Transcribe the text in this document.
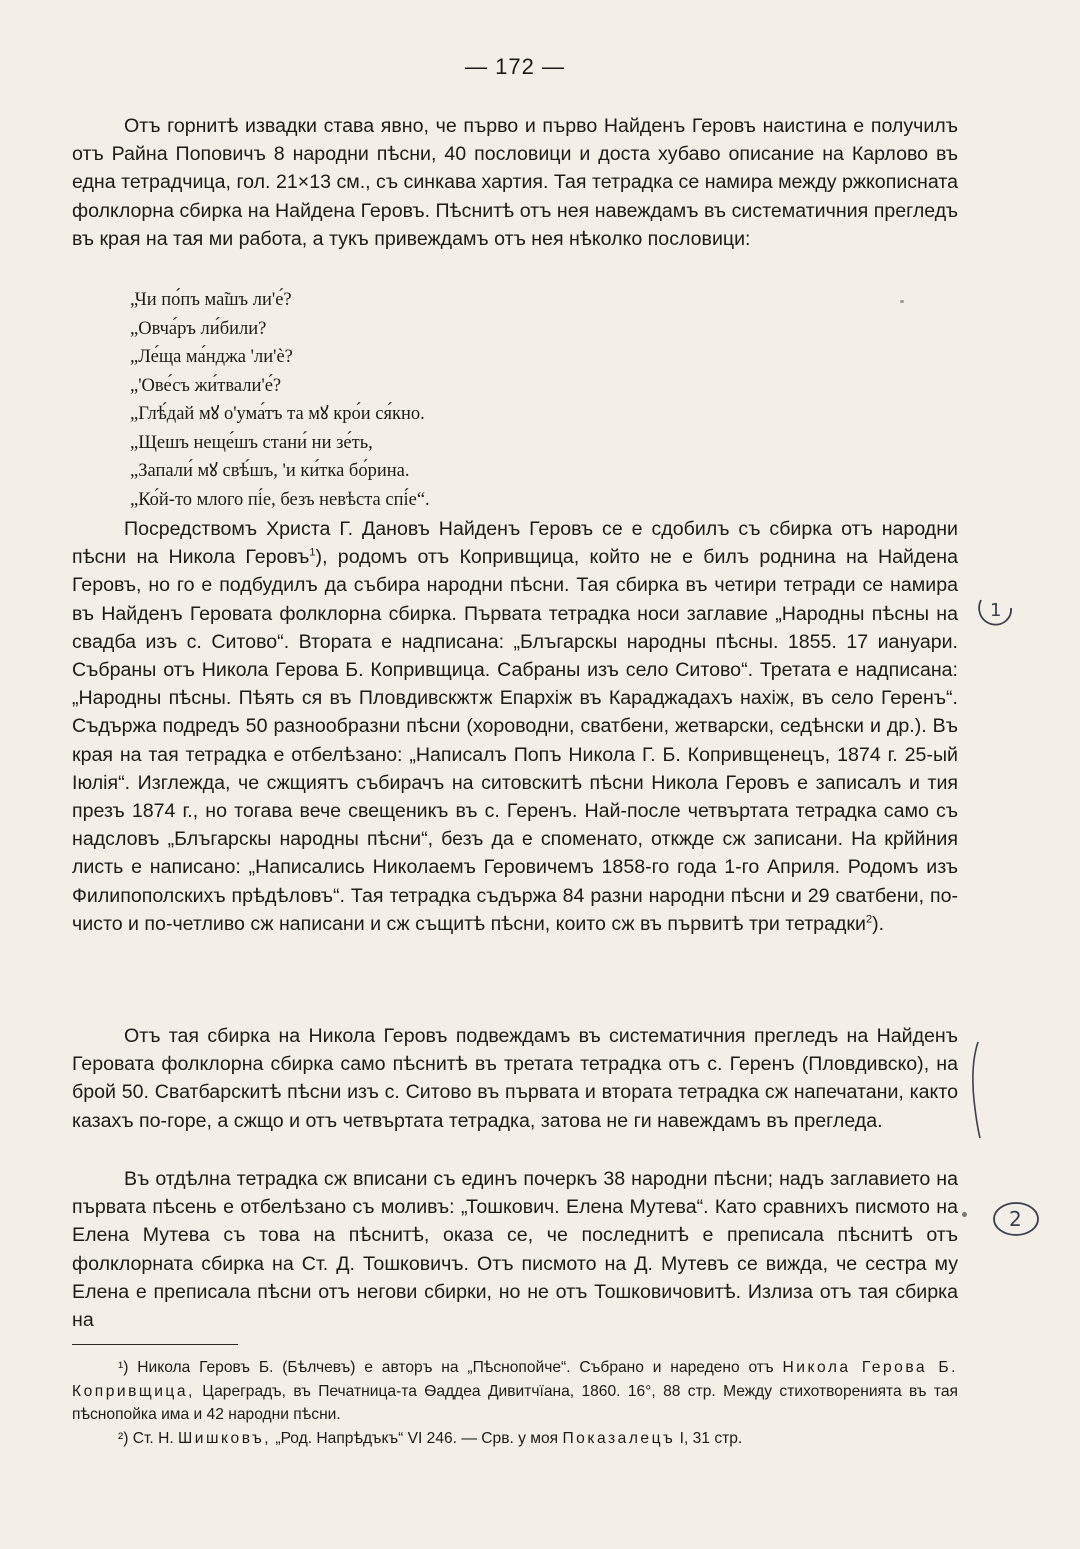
— 172 —

Отъ горнитѣ извадки става явно, че първо и първо Найденъ Геровъ наистина е получилъ отъ Райна Поповичъ 8 народни пѣсни, 40 пословици и доста хубаво описание на Карлово въ една тетрадчица, гол. 21×13 см., съ синкава хартия. Тая тетрадка се намира между ржкописната фолклорна сбирка на Найдена Геровъ. Пѣснитѣ отъ нея навеждамъ въ систематичния прегледъ въ края на тая ми работа, а тукъ привеждамъ отъ нея нѣколко пословици:

„Чи по́пъ ма̃шъ ли'е́?
„Овча́ръ ли́били?
„Ле́ща ма́нджа 'ли'ѐ?
„'Ове́съ жи́твали'е́?
„Глѣ́дай мꙋ о'ума́тъ та мꙋ кро́и ся́кно.
„Щешъ неще́шъ стани́ ни зе́ть,
„Запали́ мꙋ свѣ́шъ, 'и ки́тка бо́рина.
„Ко́й-то млого пі́е, безъ невѣста спі́е“.

Посредствомъ Христа Г. Дановъ Найденъ Геровъ се е сдобилъ съ сбирка отъ народни пѣсни на Никола Геровъ$^1$), родомъ отъ Копривщица, който не е билъ роднина на Найдена Геровъ, но го е подбудилъ да събира народни пѣсни. Тая сбирка въ четири тетради се намира въ Найденъ Геровата фолклорна сбирка. Първата тетрадка носи заглавие „Народны пѣсны на свадба изъ с. Ситово“. Втората е надписана: „Блъгарскы народны пѣсны. 1855. 17 иануари. Събраны отъ Никола Герова Б. Копривщица. Сабраны изъ село Ситово“. Третата е надписана: „Народны пѣсны. Пѣять ся въ Пловдивскжтж Епархіж въ Караджадахъ нахіж, въ село Геренъ“. Съдържа подредъ 50 разнообразни пѣсни (хороводни, сватбени, жетварски, седѣнски и др.). Въ края на тая тетрадка е отбелѣзано: „Написалъ Попъ Никола Г. Б. Копривщенецъ, 1874 г. 25-ый Іюлія“. Изглежда, че сжщиятъ събирачъ на ситовскитѣ пѣсни Никола Геровъ е записалъ и тия презъ 1874 г., но тогава вече свещеникъ въ с. Геренъ. Най-после четвъртата тетрадка само съ надсловъ „Блъгарскы народны пѣсни“, безъ да е споменато, откжде сж записани. На крййния листь е написано: „Написались Николаемъ Геровичемъ 1858-го года 1-го Априля. Родомъ изъ Филипополскихъ прѣдѣловъ“. Тая тетрадка съдържа 84 разни народни пѣсни и 29 сватбени, по-чисто и по-четливо сж написани и сж същитѣ пѣсни, които сж въ първитѣ три тетрадки$^2$).

Отъ тая сбирка на Никола Геровъ подвеждамъ въ систематичния прегледъ на Найденъ Геровата фолклорна сбирка само пѣснитѣ въ третата тетрадка отъ с. Геренъ (Пловдивско), на брой 50. Сватбарскитѣ пѣсни изъ с. Ситово въ първата и втората тетрадка сж напечатани, както казахъ по-горе, а сжщо и отъ четвъртата тетрадка, затова не ги навеждамъ въ прегледа.

Въ отдѣлна тетрадка сж вписани съ единъ почеркъ 38 народни пѣсни; надъ заглавието на първата пѣсень е отбелѣзано съ моливъ: „Тошкович. Елена Мутева“. Като сравнихъ писмото на Елена Мутева съ това на пѣснитѣ, оказа се, че последнитѣ е преписала пѣснитѣ отъ фолклорната сбирка на Ст. Д. Тошковичъ. Отъ писмото на Д. Мутевъ се вижда, че сестра му Елена е преписала пѣсни отъ негови сбирки, но не отъ Тошковичовитѣ. Излиза отъ тая сбирка на

¹) Никола Геровъ Б. (Бѣлчевъ) е авторъ на „Пѣснопойче“. Събрано и наредено отъ Никола Герова Б. Копривщица, Цареградъ, въ Печатница-та Ѳаддеа Дивитчїана, 1860. 16°, 88 стр. Между стихотворенията въ тая пѣснопойка има и 42 народни пѣсни.

²) Ст. Н. Шишковъ, „Род. Напрѣдъкъ“ VI 246. — Срв. у моя Показалецъ I, 31 стр.

1
2
